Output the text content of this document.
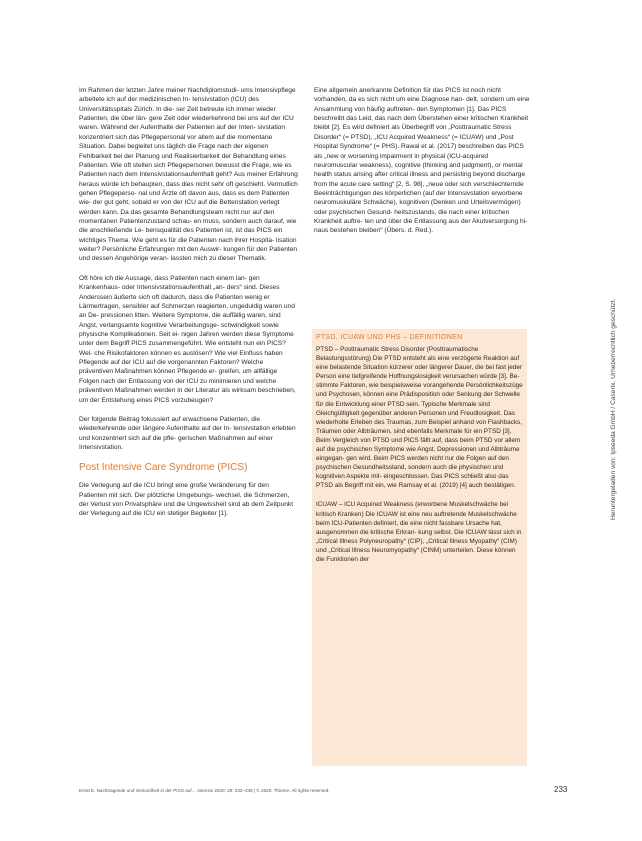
Im Rahmen der letzten Jahre meiner Nachdiplomstudi- ums Intensivpflege arbeitete ich auf der medizinischen In- tensivstation (ICU) des Universitätsspitals Zürich. In die- ser Zeit betreute ich immer wieder Patienten, die über län- gere Zeit oder wiederkehrend bei uns auf der ICU waren. Während der Aufenthalte der Patienten auf der Inten- sivstation konzentriert sich das Pflegepersonal vor allem auf die momentane Situation. Dabei begleitet uns täglich die Frage nach der eigenen Fehlbarkeit bei der Planung und Realisierbarkeit der Behandlung eines Patienten. Wie oft stellen sich Pflegepersonen bewusst die Frage, wie es Patienten nach dem Intensivstationsaufenthalt geht? Aus meiner Erfahrung heraus würde ich behaupten, dass dies nicht sehr oft geschieht. Vermutlich gehen Pflegeperso- nal und Ärzte oft davon aus, dass es dem Patienten wie- der gut geht, sobald er von der ICU auf die Bettenstation verlegt werden kann. Da das gesamte Behandlungsteam nicht nur auf den momentanen Patientenzustand schau- en muss, sondern auch darauf, wie die anschließende Le- bensqualität des Patienten ist, ist das PICS ein wichtiges Thema. Wie geht es für die Patienten nach ihrer Hospita- lisation weiter? Persönliche Erfahrungen mit den Auswir- kungen für den Patienten und dessen Angehörige veran- lassten mich zu dieser Thematik.

Oft höre ich die Aussage, dass Patienten nach einem lan- gen Krankenhaus- oder Intensivstationsaufenthalt „an- ders“ sind. Dieses Anderssein äußerte sich oft dadurch, dass die Patienten wenig er Lärmertragen, sensibler auf Schmerzen reagierten, ungeduldig waren und an De- pressionen litten. Weitere Symptome, die auffällig waren, sind Angst, verlangsamte kognitive Verarbeitungsge- schwindigkeit sowie physische Komplikationen. Seit ei- nigen Jahren werden diese Symptome unter dem Begriff PICS zusammengeführt. Wie entsteht nun ein PICS? Wel- che Risikofaktoren können es auslösen? Wie viel Einfluss haben Pflegende auf der ICU auf die vorgenannten Faktoren? Welche präventiven Maßnahmen können Pflegende er- greifen, um allfällige Folgen nach der Entlassung von der ICU zu minimieren und welche präventiven Maßnahmen werden in der Literatur als wirksam beschrieben, um der Entstehung eines PICS vorzubeugen?

Der folgende Beitrag fokussiert auf erwachsene Patienten, die wiederkehrende oder längere Aufenthalte auf der In- tensivstation erlebten und konzentriert sich auf die pfle- gerischen Maßnahmen auf einer Intensivstation.

Post Intensive Care Syndrome (PICS)

Die Verlegung auf die ICU bringt eine große Veränderung für den Patienten mit sich. Der plötzliche Umgebungs- wechsel, die Schmerzen, der Verlust von Privatsphäre und die Ungewissheit sind ab dem Zeitpunkt der Verlegung auf die ICU ein stetiger Begleiter [1].

Eine allgemein anerkannte Definition für das PICS ist noch nicht vorhanden, da es sich nicht um eine Diagnose han- delt, sondern um eine Ansammlung von häufig auftreten- den Symptomen [1]. Das PICS beschreibt das Leid, das nach dem Überstehen einer kritischen Krankheit bleibt [2]. Es wird definiert als Überbegriff von „Posttraumatic Stress Disorder“ (= PTSD), „ICU Acquired Weakness“ (= ICUAW) und „Post Hospital Syndrome“ (= PHS). Rawal et al. (2017) beschreiben das PICS als „new or worsening impairment in physical (ICU-acquired neuromuscular weakness), cognitive (thinking and judgment), or mental health status arising after critical illness and persisting beyond discharge from the acute care setting“ [2, S. 98], „neue oder sich verschlechternde Beeinträchtigungen des körperlichen (auf der Intensivstation erworbene neuromuskuläre Schwäche), kognitiven (Denken und Urteilsvermögen) oder psychischen Gesund- heitszustands, die nach einer kritischen Krankheit auftre- ten und über die Entlassung aus der Akutversorgung hi- naus bestehen bleiben“ (Übers. d. Red.).

PTSD, ICUAW UND PHS – DEFINITIONEN

PTSD – Posttraumatic Stress Disorder (Posttraumatische Belastungsstörung) Die PTSD entsteht als eine verzögerte Reaktion auf eine belastende Situation kürzerer oder längerer Dauer, die bei fast jeder Person eine tiefgreifende Hoffnungslosigkeit verursachen würde [3]. Be- stimmte Faktoren, wie beispielsweise vorangehende Persönlichkeitszüge und Psychosen, können eine Prädisposition oder Senkung der Schwelle für die Entwicklung einer PTSD sein. Typische Merkmale sind Gleichgültigkeit gegenüber anderen Personen und Freudlosigkeit. Das wiederholte Erleben des Traumas, zum Beispiel anhand von Flashbacks, Träumen oder Albträumen, sind ebenfalls Merkmale für ein PTSD [3]. Beim Vergleich von PTSD und PICS fällt auf, dass beim PTSD vor allem auf die psychischen Symptome wie Angst, Depressionen und Albträume eingegan- gen wird. Beim PICS werden nicht nur die Folgen auf den psychischen Gesundheitsstand, sondern auch die physischen und kognitiven Aspekte mit- eingeschlossen. Das PICS schließt also das PTSD als Begriff mit ein, wie Ramsay et al. (2019) [4] auch bestätigen.

ICUAW – ICU Acquired Weakness (erworbene Muskelschwäche bei kritisch Kranken) Die ICUAW ist eine neu auftretende Muskelschwäche beim ICU-Patienten definiert, die eine nicht fassbare Ursache hat, ausgenommen die kritische Erkran- kung selbst. Die ICUAW lässt sich in „Critical Illness Polyneuropathy“ (CIP), „Critical Illness Myopathy“ (CIM) und „Critical Illness Neuromyopathy“ (CINM) unterteilen. Diese können die Funktionen der

Heruntergeladen von: Ipseeda GmbH / Caserix. Urheberrechtlich geschützt.
Ernst E. Nachtragende und Gesundheit in der PICS auf… intensiv 2020; 28: 232–238 | © 2020. Thieme. All rights reserved.	233
